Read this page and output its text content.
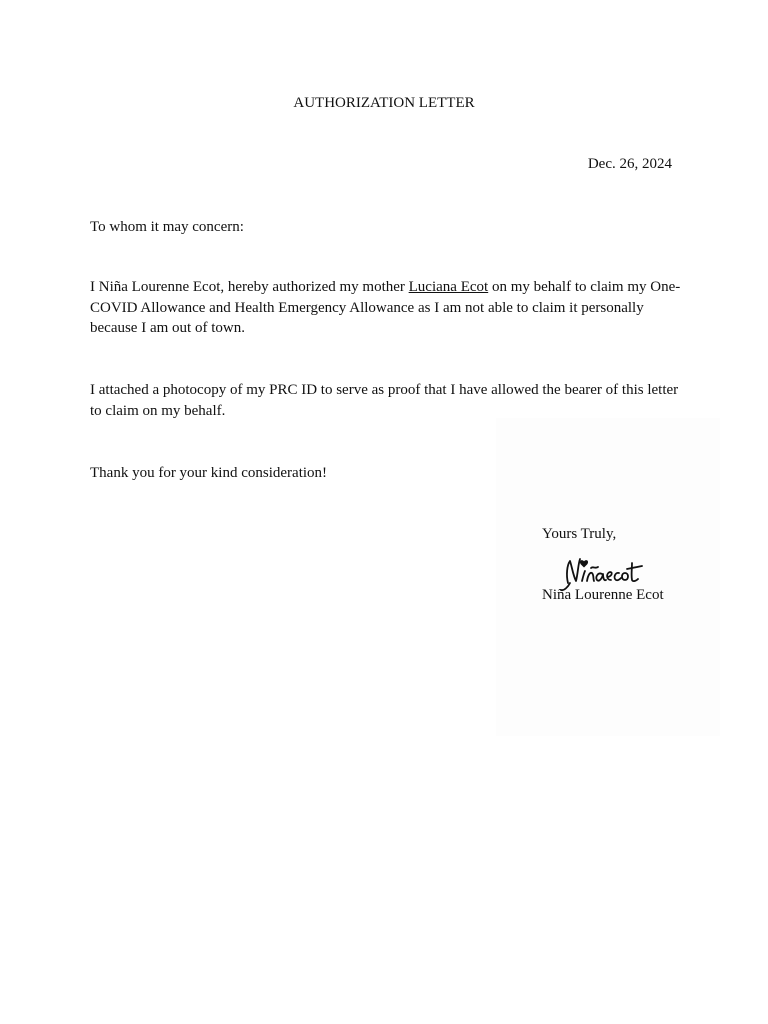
AUTHORIZATION LETTER
Dec. 26, 2024

To whom it may concern:

I Niña Lourenne Ecot, hereby authorized my mother Luciana Ecot on my behalf to claim my One-COVID Allowance and Health Emergency Allowance as I am not able to claim it personally because I am out of town.

I attached a photocopy of my PRC ID to serve as proof that I have allowed the bearer of this letter to claim on my behalf.

Thank you for your kind consideration!

Yours Truly,
Niña Lourenne Ecot
